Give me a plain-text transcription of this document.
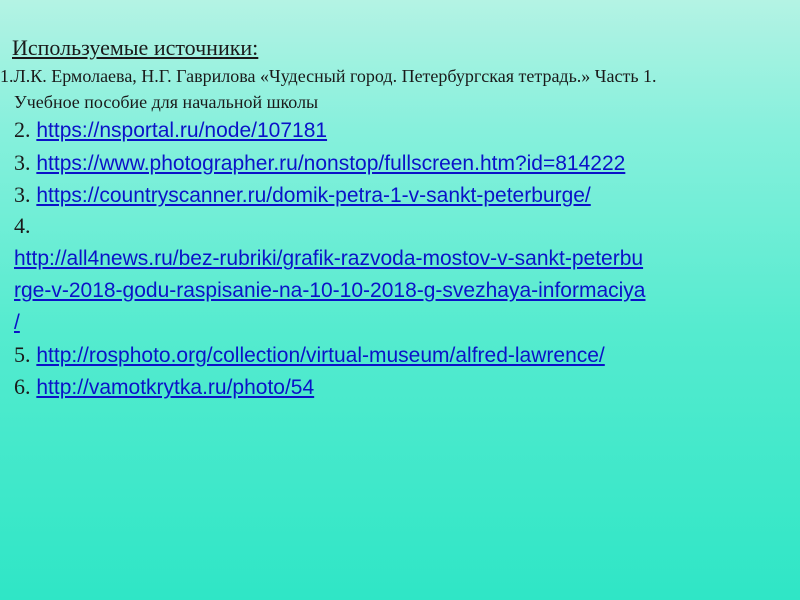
Используемые источники:
1.Л.К. Ермолаева, Н.Г. Гаврилова «Чудесный город. Петербургская тетрадь.» Часть 1.
Учебное пособие для начальной школы
2. https://nsportal.ru/node/107181
3. https://www.photographer.ru/nonstop/fullscreen.htm?id=814222
3. https://countryscanner.ru/domik-petra-1-v-sankt-peterburge/
4.
http://all4news.ru/bez-rubriki/grafik-razvoda-mostov-v-sankt-peterbu
rge-v-2018-godu-raspisanie-na-10-10-2018-g-svezhaya-informaciya
/
5. http://rosphoto.org/collection/virtual-museum/alfred-lawrence/
6. http://vamotkrytka.ru/photo/54
